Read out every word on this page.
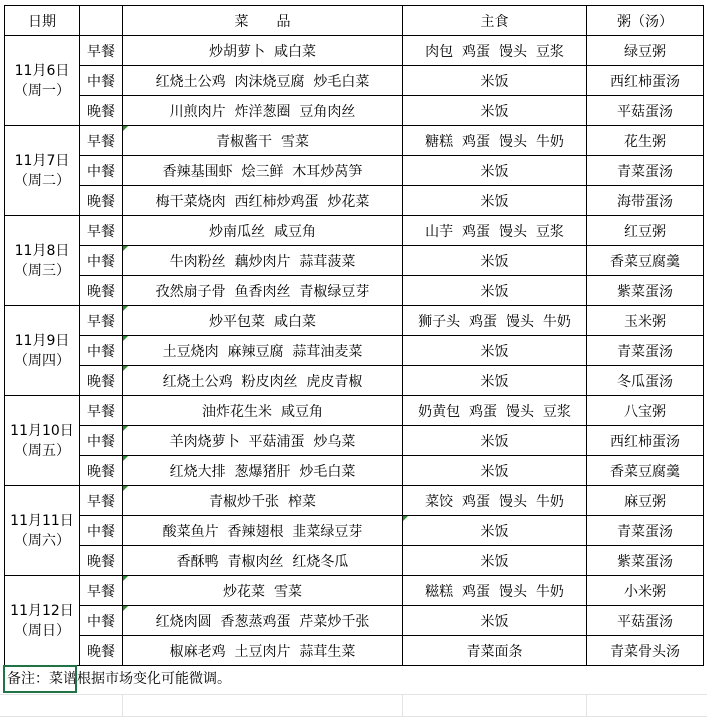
日期		菜　　品	主食	粥（汤）

11月6日
（周一）	早餐	炒胡萝卜  咸白菜	肉包  鸡蛋  馒头  豆浆	绿豆粥
	中餐	红烧土公鸡  肉沫烧豆腐  炒毛白菜	米饭	西红柿蛋汤
	晚餐	川煎肉片  炸洋葱圈  豆角肉丝	米饭	平菇蛋汤

11月7日
（周二）	早餐	青椒酱干  雪菜	糖糕  鸡蛋  馒头  牛奶	花生粥
	中餐	香辣基围虾  烩三鲜  木耳炒莴笋	米饭	青菜蛋汤
	晚餐	梅干菜烧肉  西红柿炒鸡蛋  炒花菜	米饭	海带蛋汤

11月8日
（周三）	早餐	炒南瓜丝  咸豆角	山芋  鸡蛋  馒头  豆浆	红豆粥
	中餐	牛肉粉丝  藕炒肉片  蒜茸菠菜	米饭	香菜豆腐羹
	晚餐	孜然扇子骨  鱼香肉丝  青椒绿豆芽	米饭	紫菜蛋汤

11月9日
（周四）	早餐	炒平包菜  咸白菜	狮子头  鸡蛋  馒头  牛奶	玉米粥
	中餐	土豆烧肉  麻辣豆腐  蒜茸油麦菜	米饭	青菜蛋汤
	晚餐	红烧土公鸡  粉皮肉丝  虎皮青椒	米饭	冬瓜蛋汤

11月10日
（周五）	早餐	油炸花生米  咸豆角	奶黄包  鸡蛋  馒头  豆浆	八宝粥
	中餐	羊肉烧萝卜  平菇浦蛋  炒乌菜	米饭	西红柿蛋汤
	晚餐	红烧大排  葱爆猪肝  炒毛白菜	米饭	香菜豆腐羹

11月11日
（周六）	早餐	青椒炒千张  榨菜	菜饺  鸡蛋  馒头  牛奶	麻豆粥
	中餐	酸菜鱼片  香辣翅根  韭菜绿豆芽	米饭	青菜蛋汤
	晚餐	香酥鸭  青椒肉丝  红烧冬瓜	米饭	紫菜蛋汤

11月12日
（周日）	早餐	炒花菜  雪菜	糍糕  鸡蛋  馒头  牛奶	小米粥
	中餐	红烧肉圆  香葱蒸鸡蛋  芹菜炒千张	米饭	平菇蛋汤
	晚餐	椒麻老鸡  土豆肉片  蒜茸生菜	青菜面条	青菜骨头汤
备注：菜谱根据市场变化可能微调。
